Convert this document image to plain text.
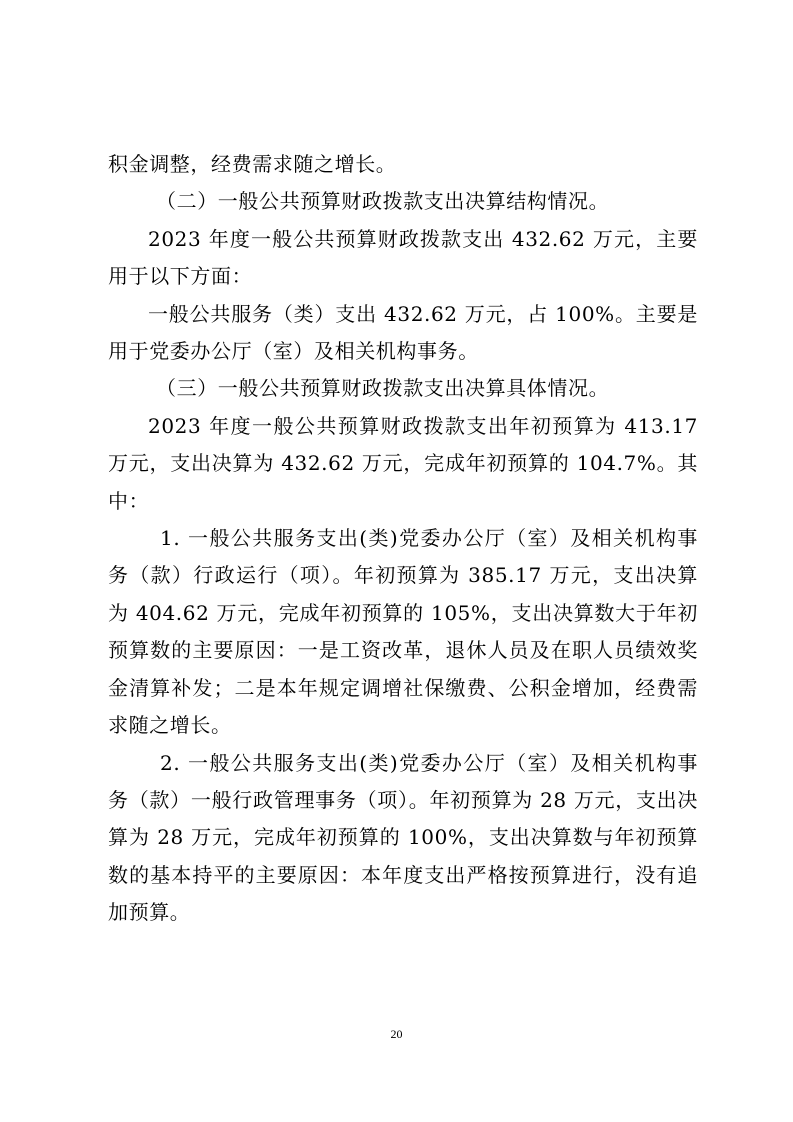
积金调整，经费需求随之增长。

（二）一般公共预算财政拨款支出决算结构情况。

2023 年度一般公共预算财政拨款支出 432.62 万元，主要用于以下方面：

一般公共服务（类）支出 432.62 万元，占 100%。主要是用于党委办公厅（室）及相关机构事务。

（三）一般公共预算财政拨款支出决算具体情况。

2023 年度一般公共预算财政拨款支出年初预算为 413.17 万元，支出决算为 432.62 万元，完成年初预算的 104.7%。其中：

1. 一般公共服务支出(类)党委办公厅（室）及相关机构事务（款）行政运行（项）。年初预算为 385.17 万元，支出决算为 404.62 万元，完成年初预算的 105%，支出决算数大于年初预算数的主要原因：一是工资改革，退休人员及在职人员绩效奖金清算补发；二是本年规定调增社保缴费、公积金增加，经费需求随之增长。

2. 一般公共服务支出(类)党委办公厅（室）及相关机构事务（款）一般行政管理事务（项）。年初预算为 28 万元，支出决算为 28 万元，完成年初预算的 100%，支出决算数与年初预算数的基本持平的主要原因：本年度支出严格按预算进行，没有追加预算。

20
